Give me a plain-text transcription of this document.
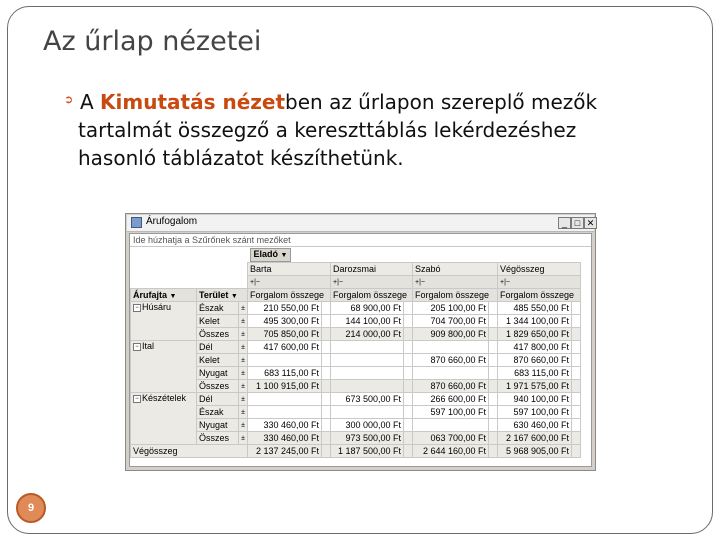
Az űrlap nézetei
➲ A Kimutatás nézetben az űrlapon szereplő mezők
tartalmát összegző a kereszttáblás lekérdezéshez
hasonló táblázatot készíthetünk.
Árufogalom	_ □ ✕
Ide húzhatja a Szűrőnek szánt mezőket
			Eladó ▼							
			Barta		Darozsmai		Szabó		Végösszeg	
			+|−		+|−		+|−		+|−	
Árufajta ▼	Terület ▼		Forgalom összege		Forgalom összege		Forgalom összege		Forgalom összege	
− Húsáru	Észak	±	210 550,00 Ft		68 900,00 Ft		205 100,00 Ft		485 550,00 Ft	
	Kelet	±	495 300,00 Ft		144 100,00 Ft		704 700,00 Ft		1 344 100,00 Ft	
	Összes	±	705 850,00 Ft		214 000,00 Ft		909 800,00 Ft		1 829 650,00 Ft	
− Ital	Dél	±	417 600,00 Ft						417 800,00 Ft	
	Kelet	±					870 660,00 Ft		870 660,00 Ft	
	Nyugat	±	683 115,00 Ft						683 115,00 Ft	
	Összes	±	1 100 915,00 Ft				870 660,00 Ft		1 971 575,00 Ft	
− Készételek	Dél	±			673 500,00 Ft		266 600,00 Ft		940 100,00 Ft	
	Észak	±					597 100,00 Ft		597 100,00 Ft	
	Nyugat	±	330 460,00 Ft		300 000,00 Ft				630 460,00 Ft	
	Összes	±	330 460,00 Ft		973 500,00 Ft		063 700,00 Ft		2 167 600,00 Ft	
Végösszeg			2 137 245,00 Ft		1 187 500,00 Ft		2 644 160,00 Ft		5 968 905,00 Ft	
9
